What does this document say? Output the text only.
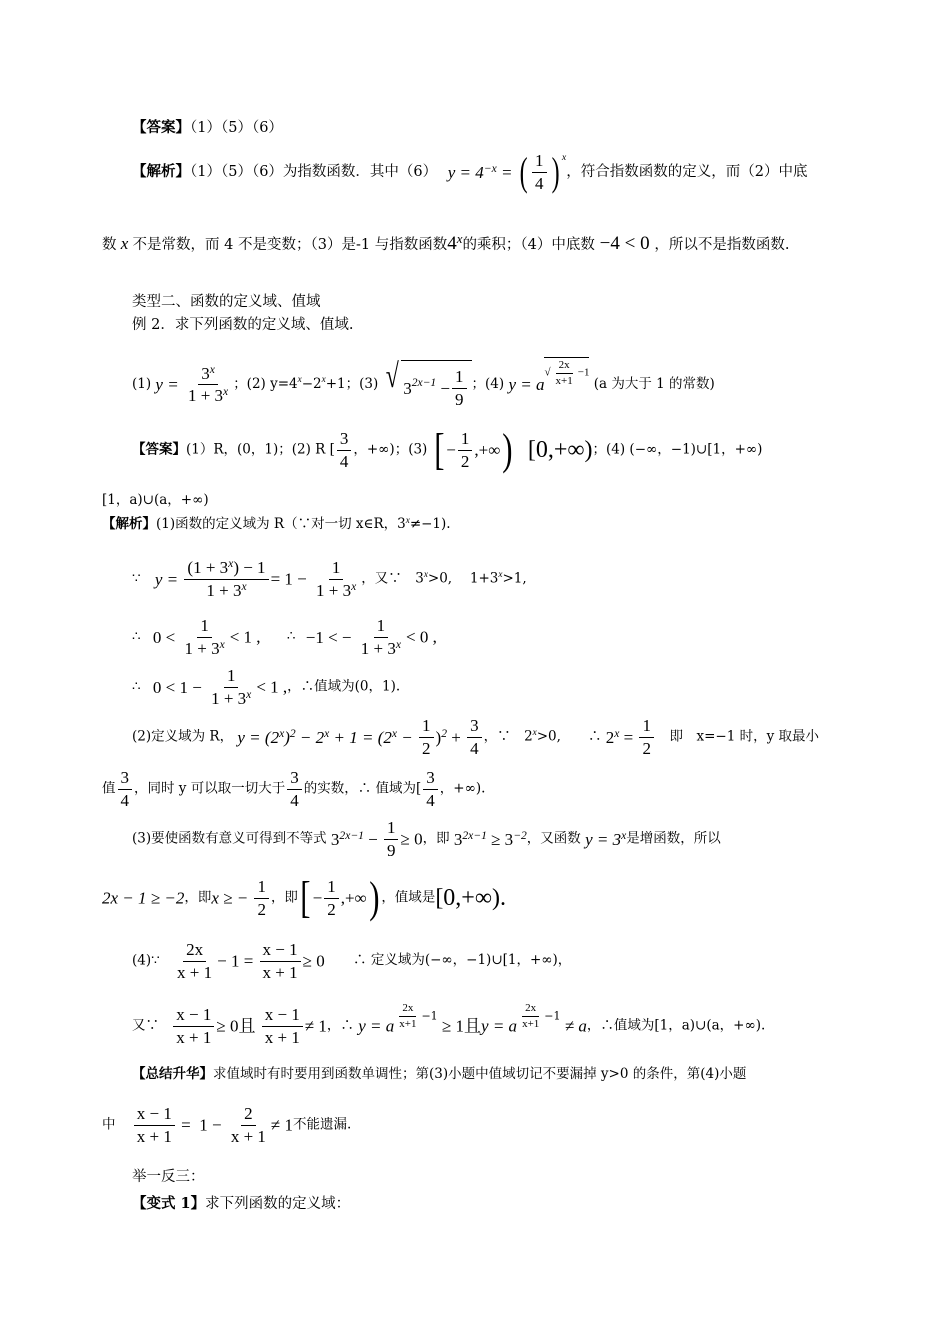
【答案】（1）（5）（6）
【解析】（1）（5）（6）为指数函数．其中（6） $y = 4^{-x}$ = ( $\frac{1}{4}$ ) $^x$，符合指数函数的定义，而（2）中底
数 x 不是常数，而 4 不是变数；（3）是-1 与指数函数4$^x$的乘积；（4）中底数 −4 < 0 ，所以不是指数函数.
类型二、函数的定义域、值域
例 2．求下列函数的定义域、值域.
(1) $y = \frac{3^x}{1 + 3^x}$ ；(2) $y=4^x-2^x+1$；(3) √ 3 $2x-1 - \frac{1}{9}$ ；(4) $y = a√ \frac{2x}{x+1} -1$ (a 为大于 1 的常数)
【答案】(1）R，(0，1)；(2) R [ $\frac{3}{4}$ ，+∞)；(3) [ − $\frac{1}{2}$ ,+∞) [0,+∞)；(4) (−∞，−1)∪[1，+∞)
[1，a)∪(a，+∞)
【解析】(1)函数的定义域为 R（∵对一切 x∈R，$3^x\ne-1$).
∵ $y = \frac{(1 + 3^x) - 1}{1 + 3^x} = 1 - \frac{1}{1 + 3^x}$ ，又∵　$3^x>0$,　 $1+3^x>1$,
∴ $0 < \frac{1}{1 + 3^x} < 1$ , ∴ −1 < − $\frac{1}{1 + 3^x} < 0$ ,
∴ $0 < 1 - \frac{1}{1 + 3^x} < 1$ ,，∴值域为(0，1).
(2)定义域为 R， $y = (2^x)^2 - 2^x + 1 = (2^x - \frac{1}{2} )^2 + \frac{3}{4}$ ，∵　$2^x>0$,　　∴ $2^x = \frac{1}{2}$ 　即　x=−1 时，y 取最小
值 $\frac{3}{4}$ ，同时 y 可以取一切大于 $\frac{3}{4}$ 的实数，∴ 值域为[ $\frac{3}{4}$ ，+∞).
(3)要使函数有意义可得到不等式 $3^{2x-1} - \frac{1}{9} \ge 0$，即 $3^{2x-1} \ge 3^{-2}$，又函数 $y = 3^x$是增函数，所以
2x − 1 ≥ −2，即x ≥ − $\frac{1}{2}$ ，即[ − $\frac{1}{2}$ ,+∞) ，值域是[0,+∞).
(4)∵ $\frac{2x}{x + 1} - 1 = \frac{x - 1}{x + 1} \ge 0$ ∴ 定义域为(−∞，−1)∪[1，+∞)，
又∵ $\frac{x - 1}{x + 1} \ge 0$且 $\frac{x - 1}{x + 1} \ne 1$，∴ y = a $\frac{2x}{x+1} -1 \ge 1$且y = a $\frac{2x}{x+1} -1 \ne a$，∴值域为[1，a)∪(a，+∞).
【总结升华】求值域时有时要用到函数单调性；第(3)小题中值域切记不要漏掉 y>0 的条件，第(4)小题
中 $\frac{x - 1}{x + 1} = 1 - \frac{2}{x + 1} \ne 1$不能遗漏.
举一反三：
【变式 1】求下列函数的定义域：
